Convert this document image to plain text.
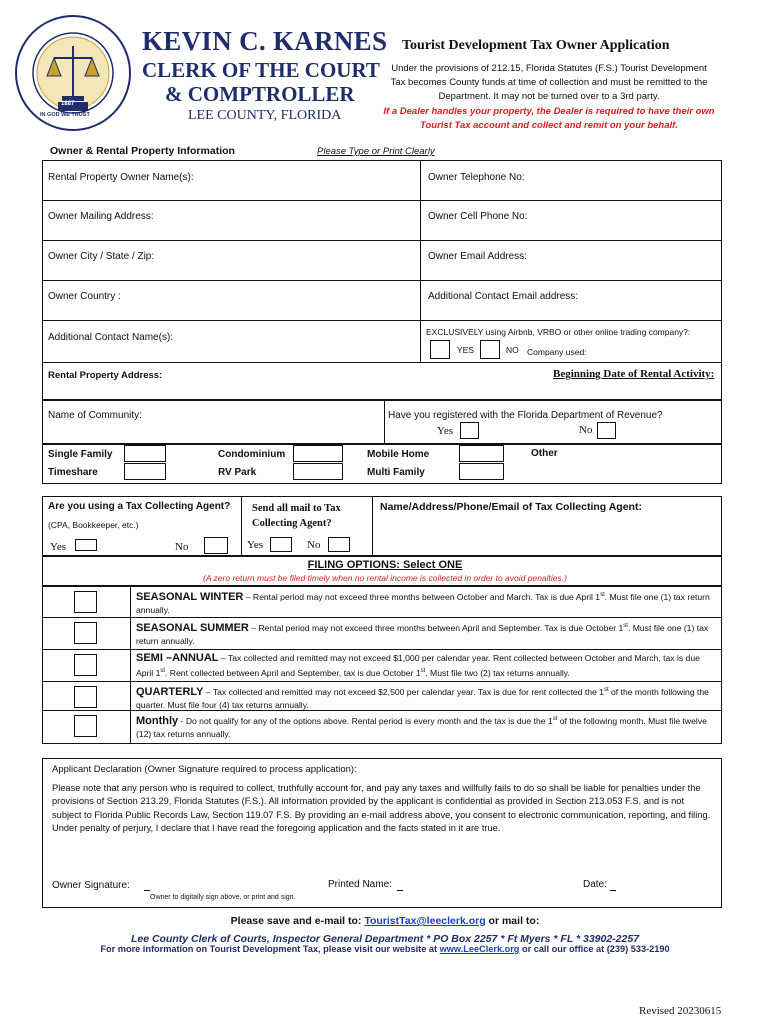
1887
IN GOD WE TRUST
KEVIN C. KARNES
CLERK OF THE COURT
& COMPTROLLER
LEE COUNTY, FLORIDA
Tourist Development Tax Owner Application
Under the provisions of 212.15, Florida Statutes (F.S.) Tourist Development Tax becomes County funds at time of collection and must be remitted to the Department. It may not be turned over to a 3rd party.
If a Dealer handles your property, the Dealer is required to have their own Tourist Tax account and collect and remit on your behalf.
Owner & Rental Property Information	Please Type or Print Clearly
Rental Property Owner Name(s):	Owner Telephone No:
Owner Mailing Address:	Owner Cell Phone No:
Owner City / State / Zip:	Owner Email Address:
Owner Country :	Additional Contact Email address:
Additional Contact Name(s):	EXCLUSIVELY using Airbnb, VRBO or other online trading company?:
YES	NO Company used:
Rental Property Address:	Beginning Date of Rental Activity:
Name of Community:	Have you registered with the Florida Department of Revenue?
Yes	No
Single Family	Condominium	Mobile Home	Other
Timeshare	RV Park	Multi Family
Are you using a Tax Collecting Agent?
(CPA, Bookkeeper, etc.)
Yes	No
Send all mail to Tax Collecting Agent?
Yes	No
Name/Address/Phone/Email of Tax Collecting Agent:
FILING OPTIONS: Select ONE
(A zero return must be filed timely when no rental income is collected in order to avoid penalties.)
SEASONAL WINTER – Rental period may not exceed three months between October and March. Tax is due April 1st. Must file one (1) tax return annually.
SEASONAL SUMMER – Rental period may not exceed three months between April and September. Tax is due October 1st. Must file one (1) tax return annually.
SEMI –ANNUAL – Tax collected and remitted may not exceed $1,000 per calendar year. Rent collected between October and March, tax is due April 1st. Rent collected between April and September, tax is due October 1st. Must file two (2) tax returns annually.
QUARTERLY – Tax collected and remitted may not exceed $2,500 per calendar year. Tax is due for rent collected the 1st of the month following the quarter. Must file four (4) tax returns annually.
Monthly - Do not qualify for any of the options above. Rental period is every month and the tax is due the 1st of the following month. Must file twelve (12) tax returns annually.
Applicant Declaration (Owner Signature required to process application):
Please note that any person who is required to collect, truthfully account for, and pay any taxes and willfully fails to do so shall be liable for penalties under the provisions of Section 213.29, Florida Statutes (F.S.). All information provided by the applicant is confidential as provided in Section 213.053 F.S. and is not subject to Florida Public Records Law, Section 119.07 F.S. By providing an e-mail address above, you consent to electronic communication, reporting, and filing. Under penalty of perjury, I declare that I have read the foregoing application and the facts stated in it are true.
Owner Signature:	Printed Name:	Date:
Owner to digitally sign above, or print and sign.
Please save and e-mail to: TouristTax@leeclerk.org or mail to:
Lee County Clerk of Courts, Inspector General Department * PO Box 2257 * Ft Myers * FL * 33902-2257
For more information on Tourist Development Tax, please visit our website at www.LeeClerk.org or call our office at (239) 533-2190
Revised 20230615
